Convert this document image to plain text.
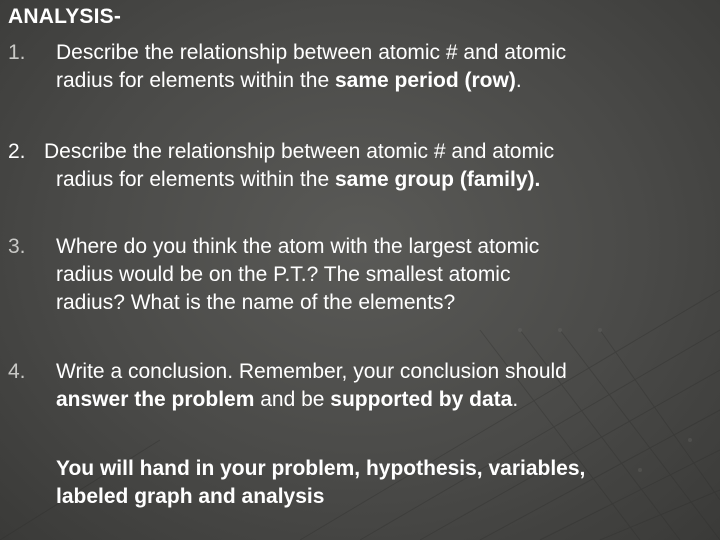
ANALYSIS-
1. Describe the relationship between atomic # and atomic
radius for elements within the same period (row).
2. Describe the relationship between atomic # and atomic
radius for elements within the same group (family).
3. Where do you think the atom with the largest atomic
radius would be on the P.T.? The smallest atomic
radius? What is the name of the elements?
4. Write a conclusion. Remember, your conclusion should
answer the problem and be supported by data.
You will hand in your problem, hypothesis, variables,
labeled graph and analysis
